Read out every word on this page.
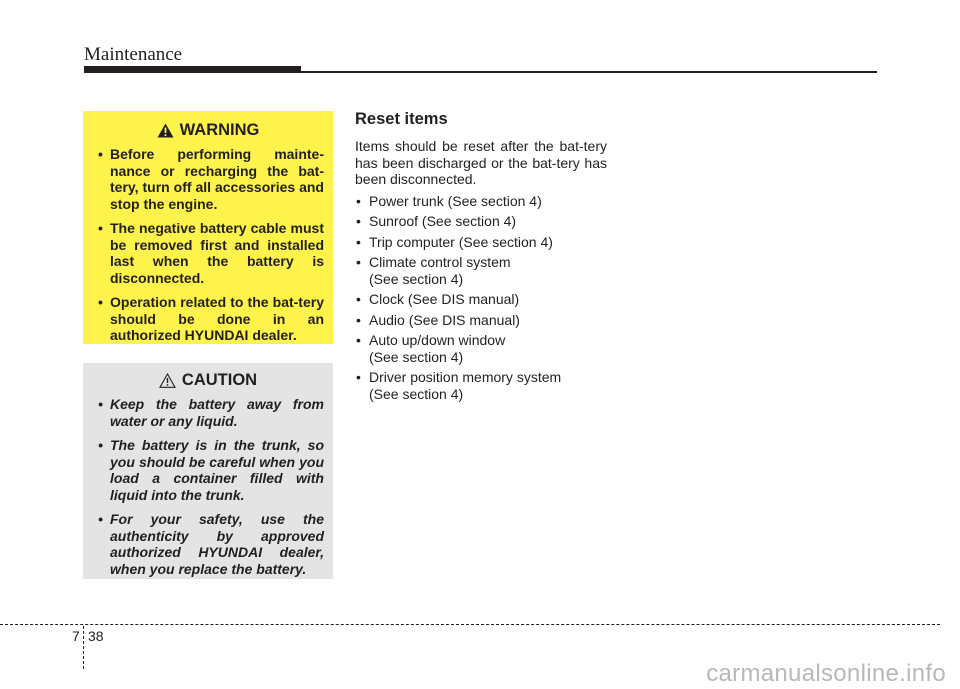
Maintenance
WARNING
• Before performing mainte-nance or recharging the bat-tery, turn off all accessories and stop the engine.
• The negative battery cable must be removed first and installed last when the battery is disconnected.
• Operation related to the bat-tery should be done in an authorized HYUNDAI dealer.
CAUTION
• Keep the battery away from water or any liquid.
• The battery is in the trunk, so you should be careful when you load a container filled with liquid into the trunk.
• For your safety, use the authenticity by approved authorized HYUNDAI dealer, when you replace the battery.
Reset items

Items should be reset after the bat-tery has been discharged or the bat-tery has been disconnected.

• Power trunk (See section 4)
• Sunroof (See section 4)
• Trip computer (See section 4)
• Climate control system
(See section 4)
• Clock (See DIS manual)
• Audio (See DIS manual)
• Auto up/down window
(See section 4)
• Driver position memory system
(See section 4)
7 38
carmanualsonline.info
